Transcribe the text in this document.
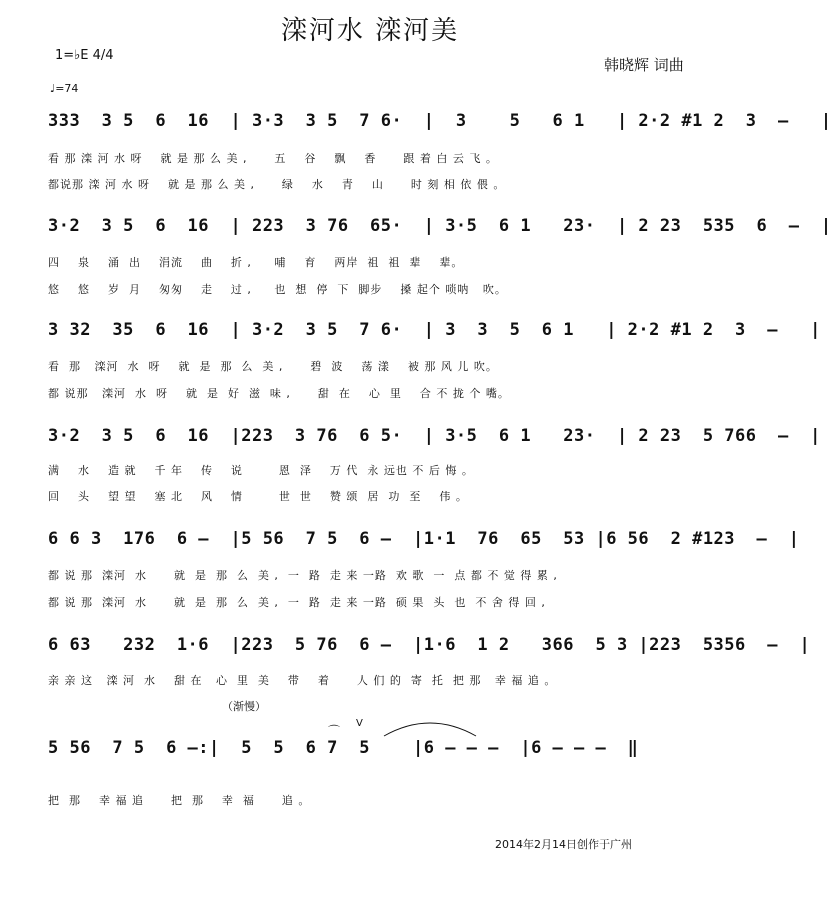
滦河水 滦河美
1=♭E 4/4
♩=74
韩晓辉 词曲
333  3 5  6  16  | 3·3  3 5  7 6·  |  3    5   6 1   | 2·2 #1 2  3  –   |
看 那 滦 河 水 呀    就 是 那 么 美 ,      五    谷    飘    香      跟 着 白 云 飞 。
都说那 滦 河 水 呀    就 是 那 么 美 ,      绿    水    青    山      时 刻 相 依 偎 。
3·2  3 5  6  16  | 223  3 76  65·  | 3·5  6 1   23·  | 2 23  535  6  –  |
四    泉    涌  出    涓流    曲    折 ,     哺    育    两岸  祖  祖  辈    辈。
悠    悠    岁  月    匆匆    走    过 ,     也  想  停  下  脚步    搡 起个 唢呐   吹。
3 32  35  6  16  | 3·2  3 5  7 6·  | 3  3  5  6 1   | 2·2 #1 2  3  –   |
看  那   滦河  水  呀    就  是  那  么  美 ,      碧  波    荡 漾    被 那 风 儿 吹。
都 说那   滦河  水  呀    就  是  好  滋  味 ,      甜  在    心  里    合 不 拢 个 嘴。
3·2  3 5  6  16  |223  3 76  6 5·  | 3·5  6 1   23·  | 2 23  5 766  –  |
满    水    造 就    千 年    传    说        恩  泽    万 代  永 远也 不 后 悔 。
回    头    望 望    塞 北    风    情        世  世    赞 颂  居  功  至    伟 。
6 6 3  176  6 –  |5 56  7 5  6 –  |1·1  76  65  53 |6 56  2 #123  –  |
都 说 那  滦河  水      就  是  那  么  美 ,  一  路  走 来 一路  欢 歌  一  点 都 不 觉 得 累 ,
都 说 那  滦河  水      就  是  那  么  美 ,  一  路  走 来 一路  硕 果  头  也  不 舍 得 回 ,
6 63   232  1·6  |223  5 76  6 –  |1·6  1 2   366  5 3 |223  5356  –  |
亲 亲 这   滦 河  水    甜 在   心  里  美    带    着      人 们 的  寄  托  把 那   幸 福 追 。
（渐慢）
⌒
V
5 56  7 5  6 –:|  5  5  6 7  5    |6 – – –  |6 – – –  ‖
把  那    幸 福 追      把  那    幸  福      追 。
2014年2月14日创作于广州
